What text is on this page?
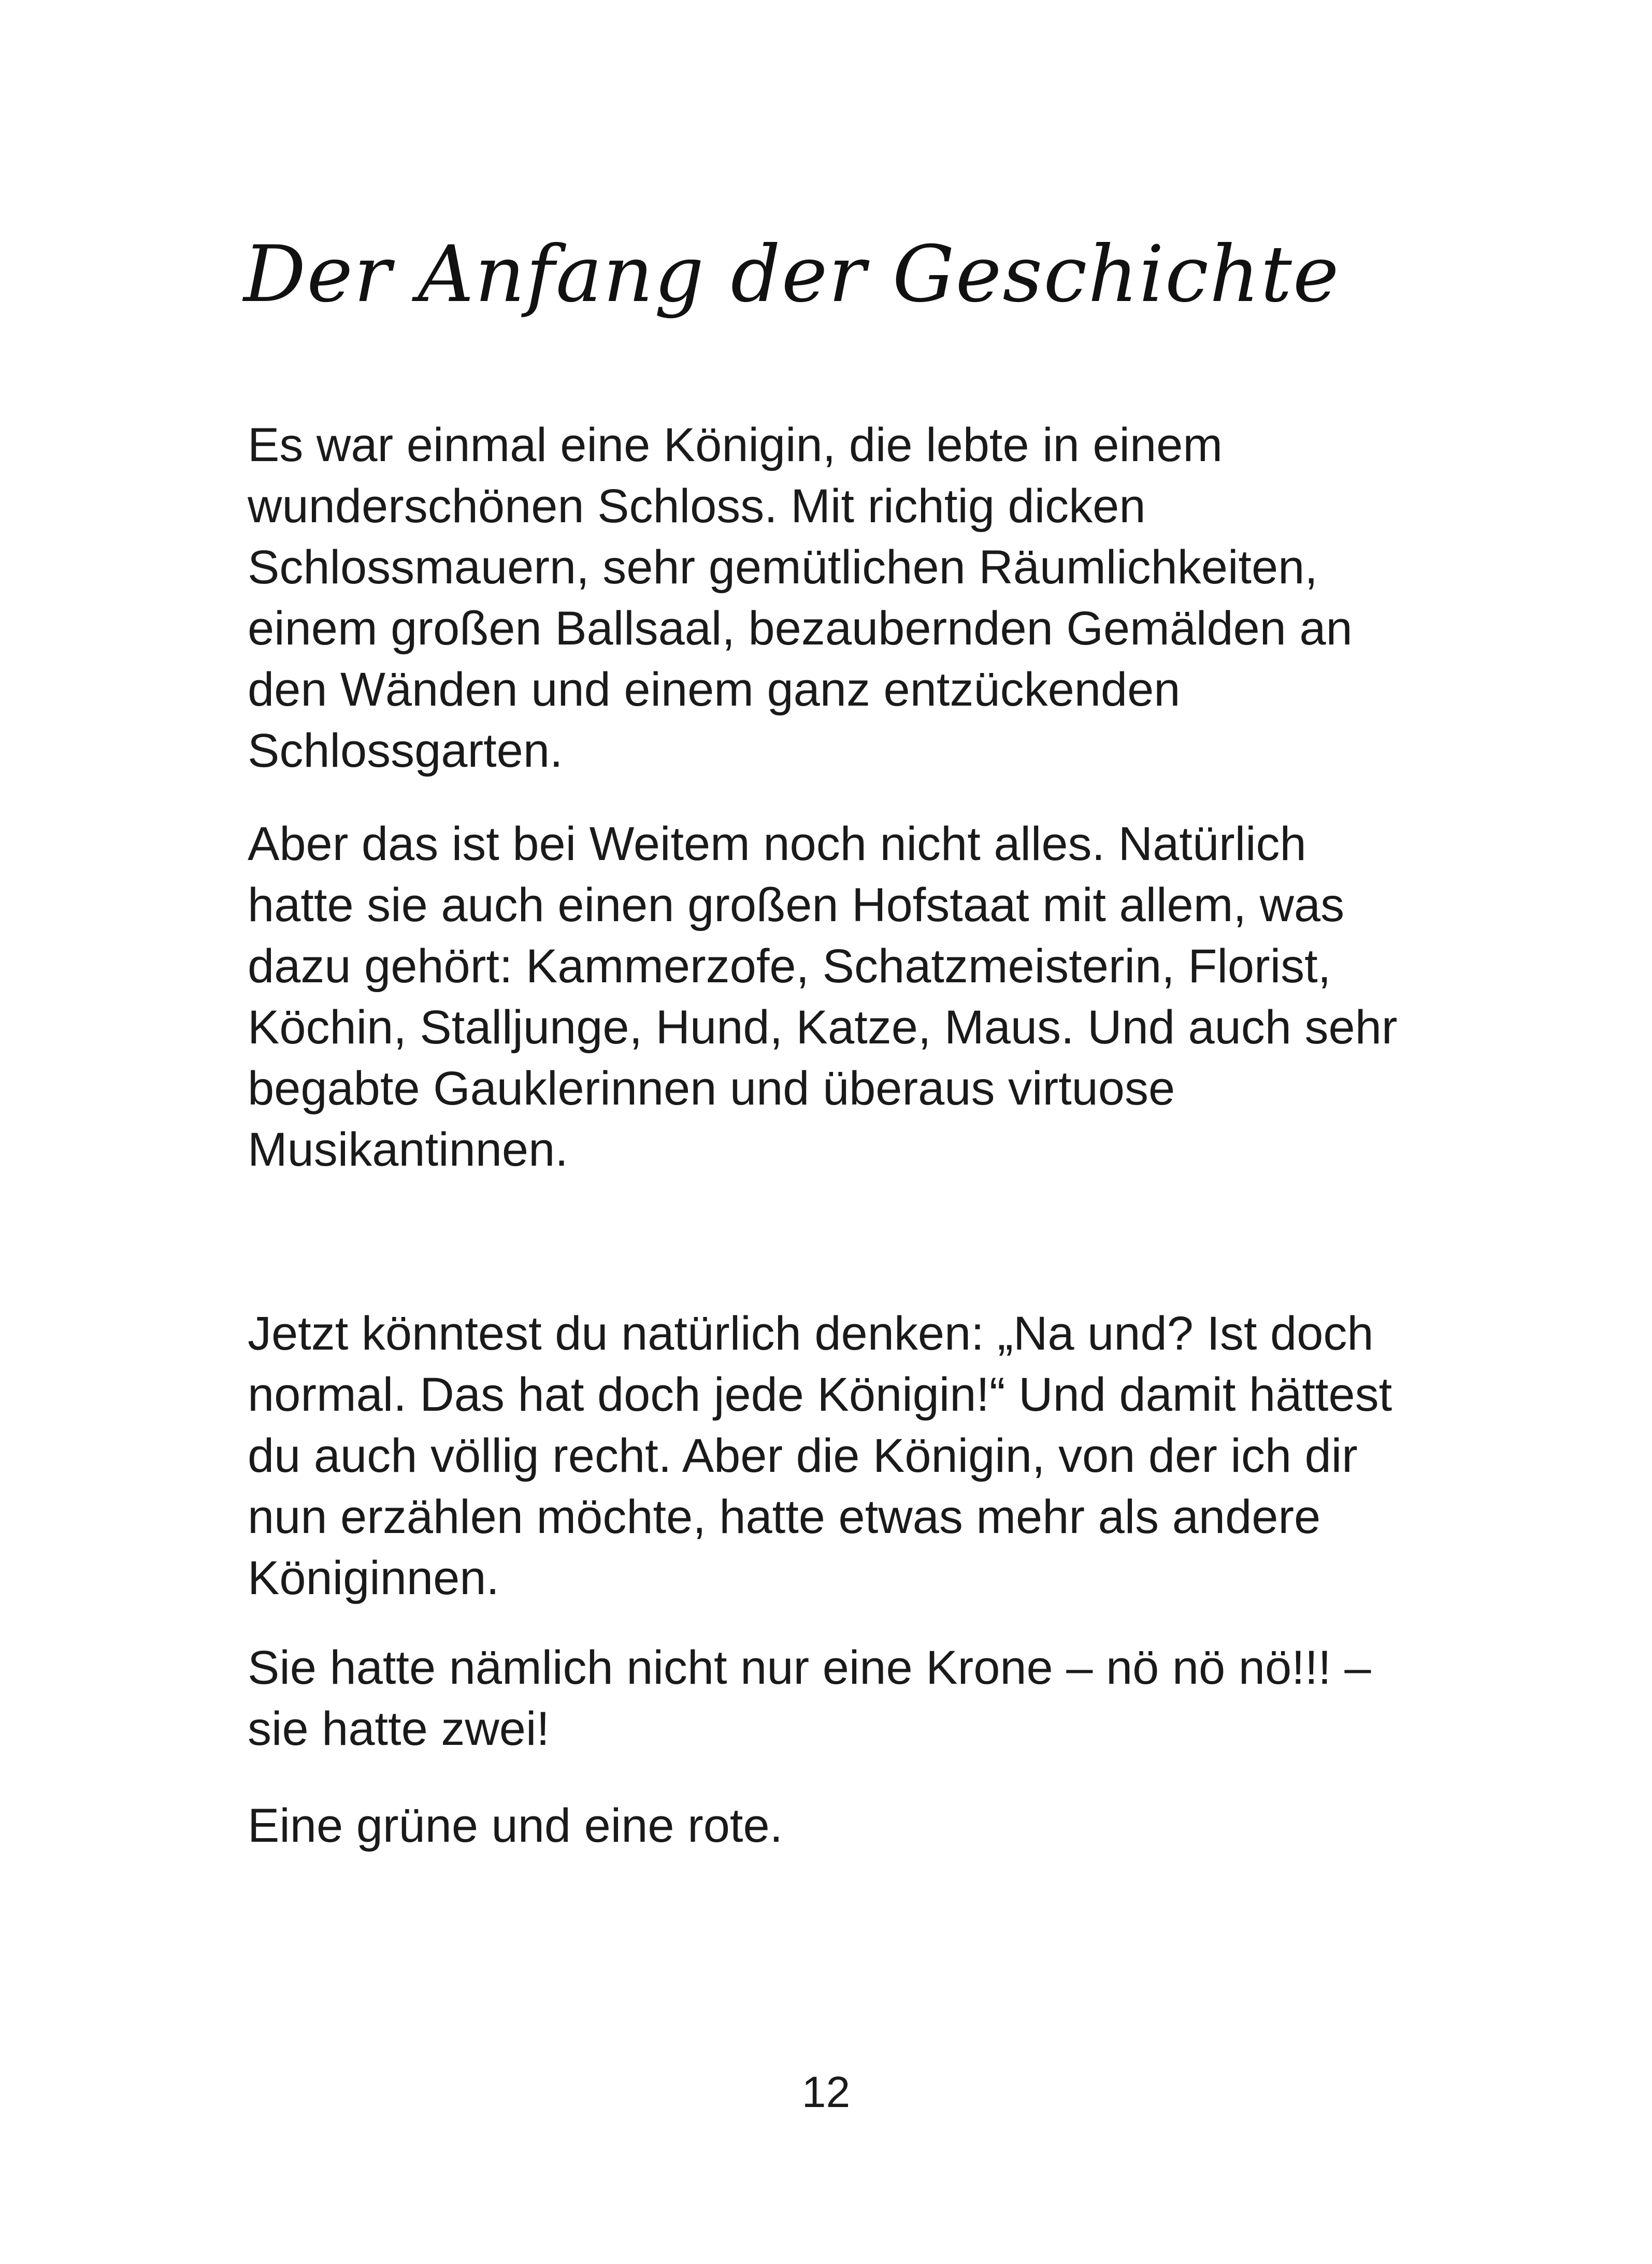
Der Anfang der Geschichte
Es war einmal eine Königin, die lebte in einem
wunderschönen Schloss. Mit richtig dicken
Schlossmauern, sehr gemütlichen Räumlichkeiten,
einem großen Ballsaal, bezaubernden Gemälden an
den Wänden und einem ganz entzückenden
Schlossgarten.
Aber das ist bei Weitem noch nicht alles. Natürlich
hatte sie auch einen großen Hofstaat mit allem, was
dazu gehört: Kammerzofe, Schatzmeisterin, Florist,
Köchin, Stalljunge, Hund, Katze, Maus. Und auch sehr
begabte Gauklerinnen und überaus virtuose
Musikantinnen.
Jetzt könntest du natürlich denken: „Na und? Ist doch
normal. Das hat doch jede Königin!“ Und damit hättest
du auch völlig recht. Aber die Königin, von der ich dir
nun erzählen möchte, hatte etwas mehr als andere
Königinnen.
Sie hatte nämlich nicht nur eine Krone – nö nö nö!!! –
sie hatte zwei!
Eine grüne und eine rote.
12
